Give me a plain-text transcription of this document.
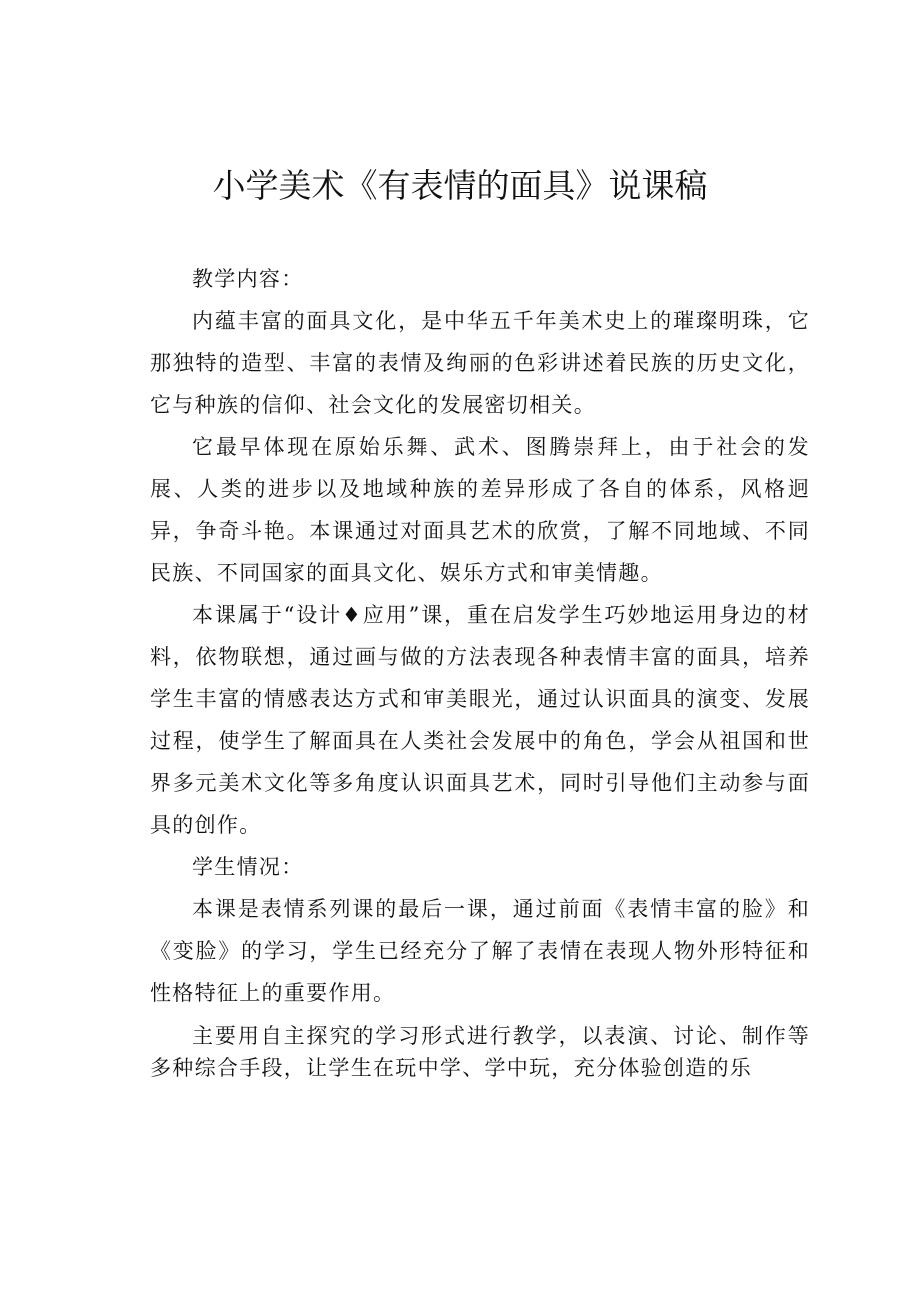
小学美术《有表情的面具》说课稿

教学内容：

内蕴丰富的面具文化，是中华五千年美术史上的璀璨明珠，它那独特的造型、丰富的表情及绚丽的色彩讲述着民族的历史文化，它与种族的信仰、社会文化的发展密切相关。

它最早体现在原始乐舞、武术、图腾崇拜上，由于社会的发展、人类的进步以及地域种族的差异形成了各自的体系，风格迥异，争奇斗艳。本课通过对面具艺术的欣赏，了解不同地域、不同民族、不同国家的面具文化、娱乐方式和审美情趣。

本课属于“设计♦应用”课，重在启发学生巧妙地运用身边的材料，依物联想，通过画与做的方法表现各种表情丰富的面具，培养学生丰富的情感表达方式和审美眼光，通过认识面具的演变、发展过程，使学生了解面具在人类社会发展中的角色，学会从祖国和世界多元美术文化等多角度认识面具艺术，同时引导他们主动参与面具的创作。

学生情况：

本课是表情系列课的最后一课，通过前面《表情丰富的脸》和《变脸》的学习，学生已经充分了解了表情在表现人物外形特征和性格特征上的重要作用。

主要用自主探究的学习形式进行教学，以表演、讨论、制作等多种综合手段，让学生在玩中学、学中玩，充分体验创造的乐
